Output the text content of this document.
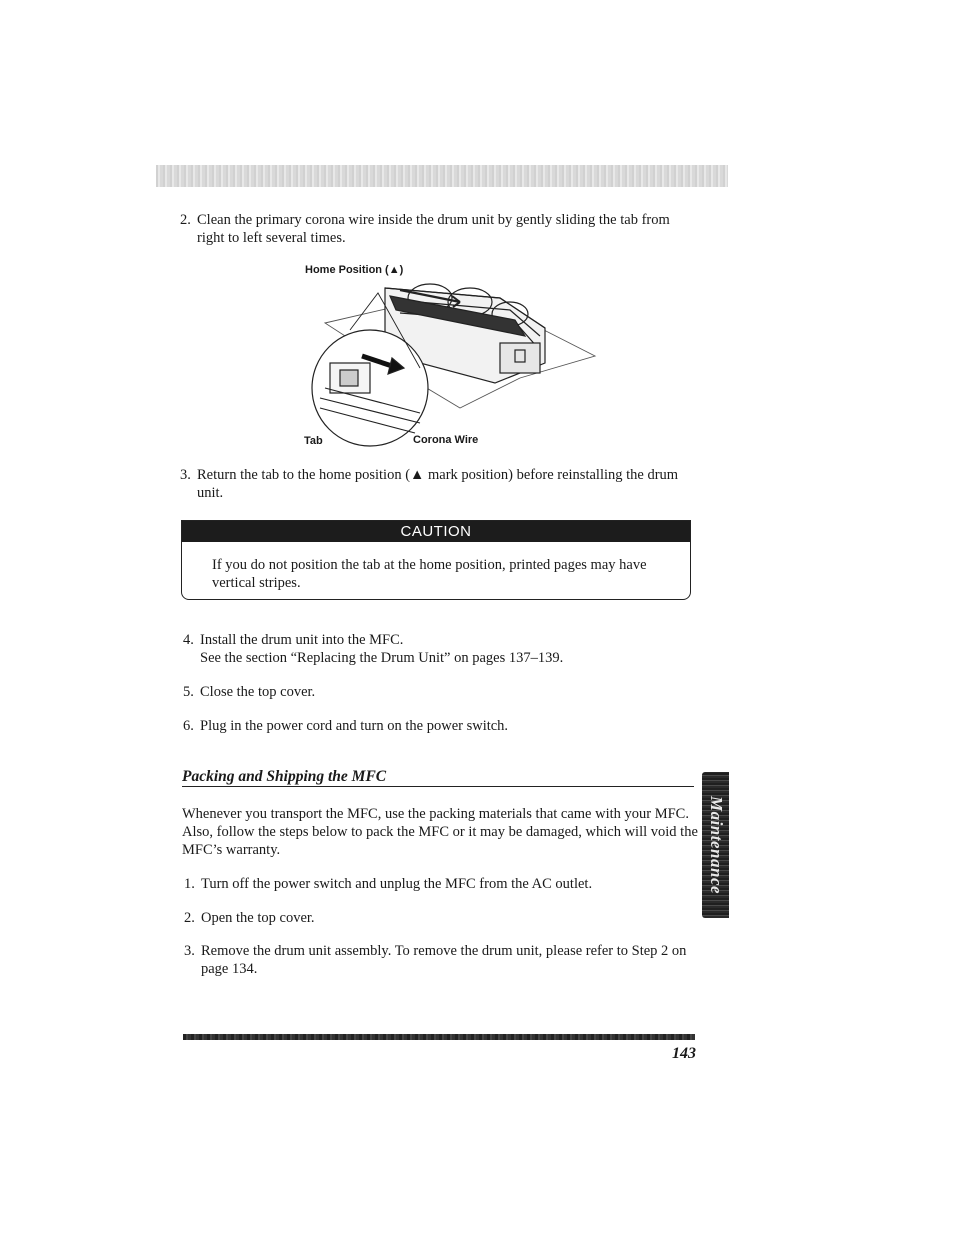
2. Clean the primary corona wire inside the drum unit by gently sliding the tab from right to left several times.
Home Position (▲)
Tab	Corona Wire
3. Return the tab to the home position (▲ mark position) before reinstalling the drum unit.
CAUTION
If you do not position the tab at the home position, printed pages may have vertical stripes.
4. Install the drum unit into the MFC.
See the section “Replacing the Drum Unit” on pages 137–139.
5. Close the top cover.
6. Plug in the power cord and turn on the power switch.
Packing and Shipping the MFC
Whenever you transport the MFC, use the packing materials that came with your MFC. Also, follow the steps below to pack the MFC or it may be damaged, which will void the MFC’s warranty.
1. Turn off the power switch and unplug the MFC from the AC outlet.
2. Open the top cover.
3. Remove the drum unit assembly. To remove the drum unit, please refer to Step 2 on page 134.
Maintenance
143
